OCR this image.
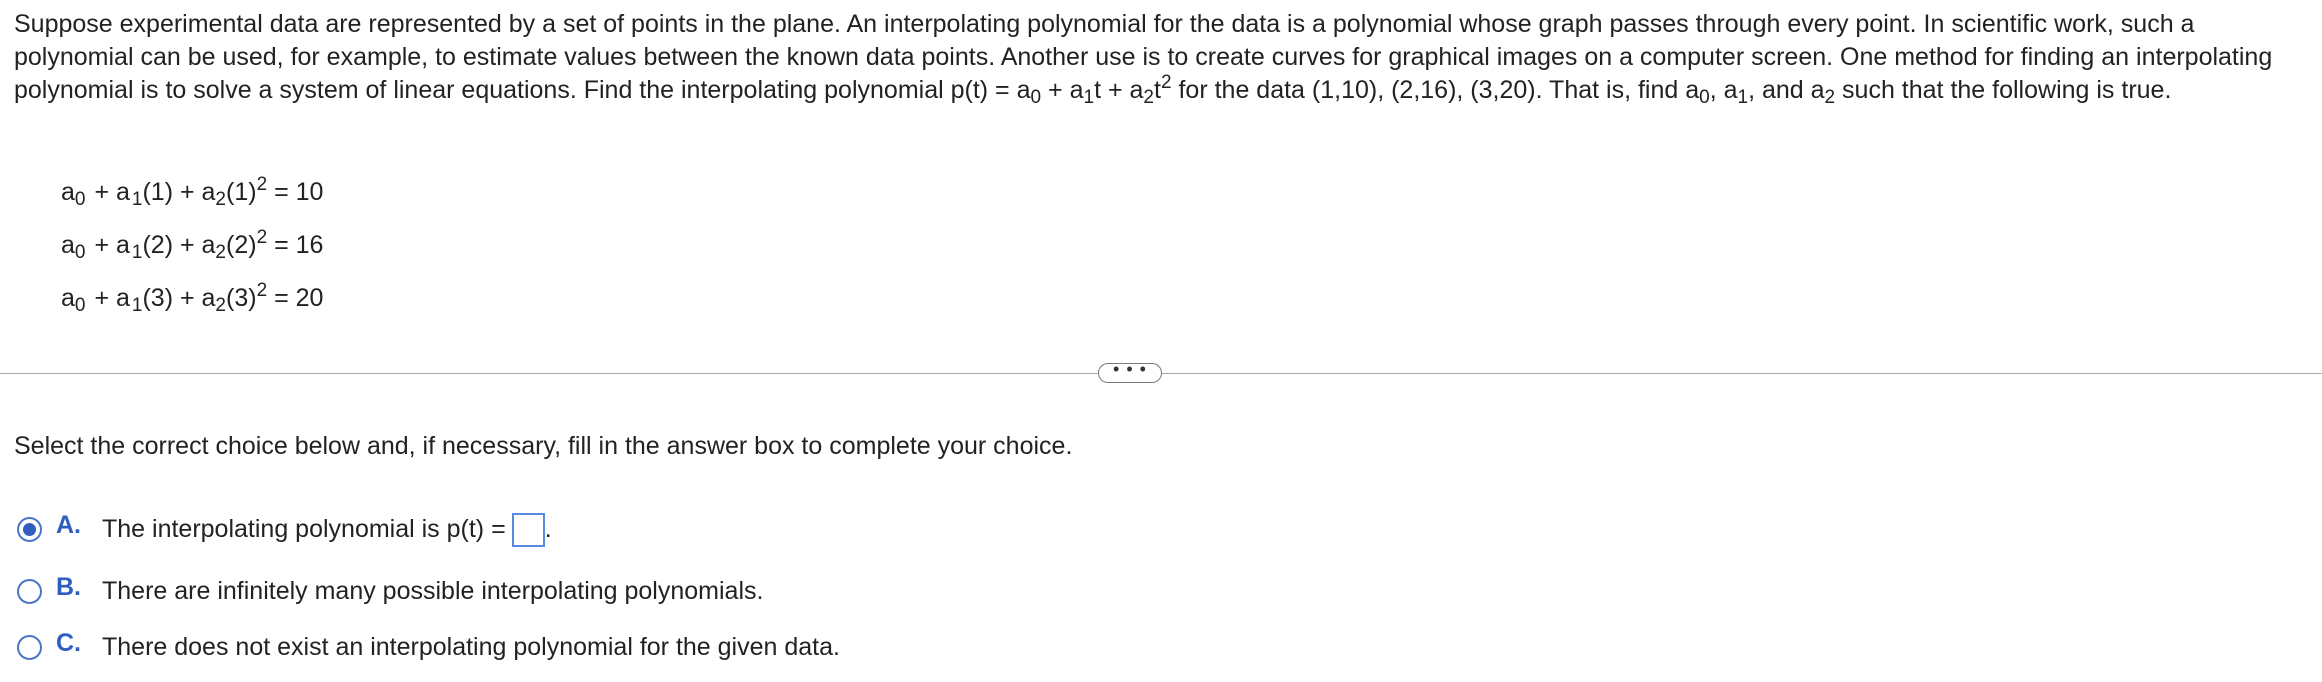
Suppose experimental data are represented by a set of points in the plane. An interpolating polynomial for the data is a polynomial whose graph passes through every point. In scientific work, such a polynomial can be used, for example, to estimate values between the known data points. Another use is to create curves for graphical images on a computer screen. One method for finding an interpolating polynomial is to solve a system of linear equations. Find the interpolating polynomial $p(t) = a_0 + a_1t + a_2t^2$ for the data (1,10), (2,16), (3,20). That is, find $a_0$, $a_1$, and $a_2$ such that the following is true.
$a_0 + a$ $_1(1) + a_2(1)^2 = 10$
$a_0 + a$ $_1(2) + a_2(2)^2 = 16$
$a_0 + a$ $_1(3) + a_2(3)^2 = 20$
• • •
Select the correct choice below and, if necessary, fill in the answer box to complete your choice.
A. The interpolating polynomial is p(t) = .
B. There are infinitely many possible interpolating polynomials.
C. There does not exist an interpolating polynomial for the given data.
